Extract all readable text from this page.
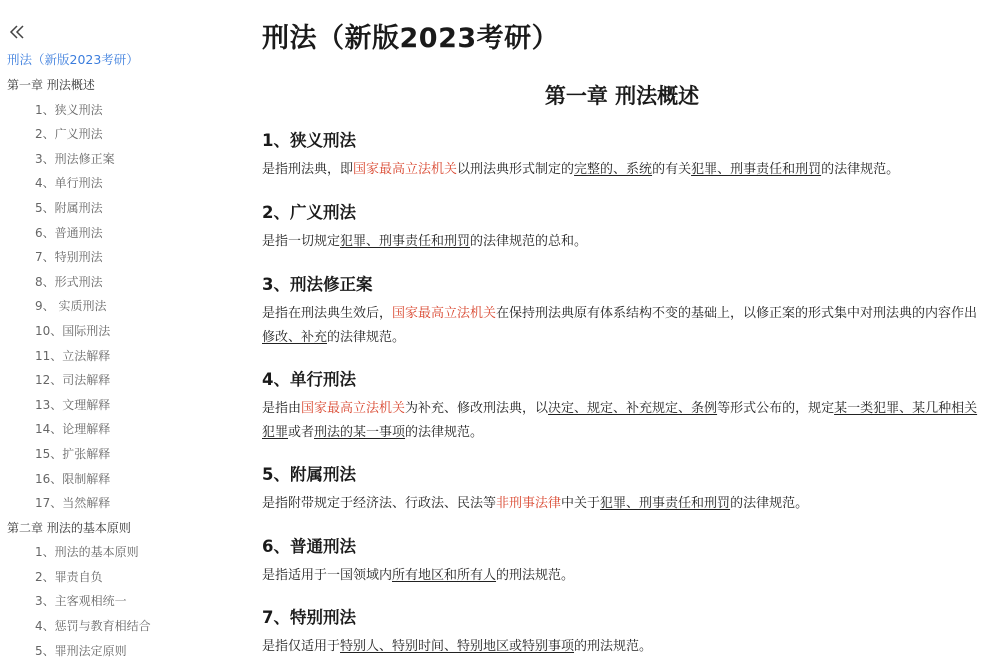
刑法（新版2023考研）
第一章 刑法概述
1、狭义刑法
2、广义刑法
3、刑法修正案
4、单行刑法
5、附属刑法
6、普通刑法
7、特别刑法
8、形式刑法
9、 实质刑法
10、国际刑法
11、立法解释
12、司法解释
13、文理解释
14、论理解释
15、扩张解释
16、限制解释
17、当然解释
第二章 刑法的基本原则
1、刑法的基本原则
2、罪责自负
3、主客观相统一
4、惩罚与教育相结合
5、罪刑法定原则
刑法（新版2023考研）
第一章 刑法概述
1、狭义刑法

是指刑法典，即国家最高立法机关以刑法典形式制定的完整的、系统的有关犯罪、刑事责任和刑罚的法律规范。

2、广义刑法

是指一切规定犯罪、刑事责任和刑罚的法律规范的总和。

3、刑法修正案

是指在刑法典生效后，国家最高立法机关在保持刑法典原有体系结构不变的基础上，以修正案的形式集中对刑法典的内容作出修改、补充的法律规范。

4、单行刑法

是指由国家最高立法机关为补充、修改刑法典，以决定、规定、补充规定、条例等形式公布的，规定某一类犯罪、某几种相关犯罪或者刑法的某一事项的法律规范。

5、附属刑法

是指附带规定于经济法、行政法、民法等非刑事法律中关于犯罪、刑事责任和刑罚的法律规范。

6、普通刑法

是指适用于一国领域内所有地区和所有人的刑法规范。

7、特别刑法

是指仅适用于特别人、特别时间、特别地区或特别事项的刑法规范。
